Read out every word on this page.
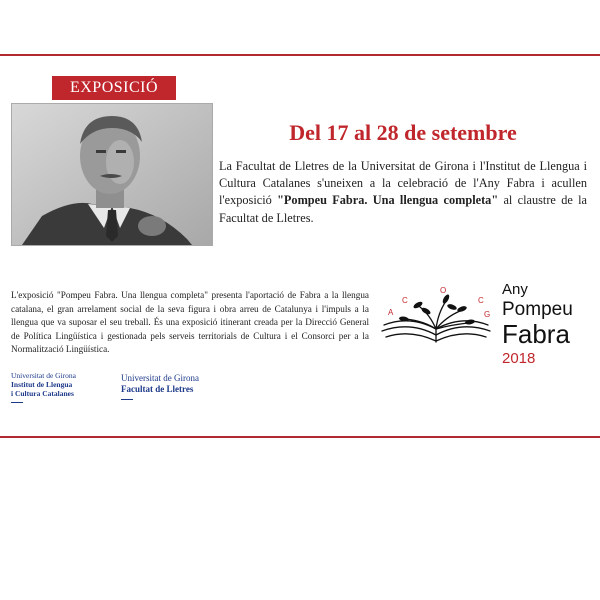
EXPOSICIÓ
Del 17 al 28 de setembre
La Facultat de Lletres de la Universitat de Girona i l'Institut de Llengua i Cultura Catalanes s'uneixen a la celebració de l'Any Fabra i acullen l'exposició "Pompeu Fabra. Una llengua completa" al claustre de la Facultat de Lletres.
L'exposició "Pompeu Fabra. Una llengua completa" presenta l'aportació de Fabra a la llengua catalana, el gran arrelament social de la seva figura i obra arreu de Catalunya i l'impuls a la llengua que va suposar el seu treball. És una exposició itinerant creada per la Direcció General de Política Lingüística i gestionada pels serveis territorials de Cultura i el Consorci per a la Normalització Lingüística.
Universitat de Girona
Institut de Llengua
i Cultura Catalanes
Universitat de Girona
Facultat de Lletres
A
C
O
C
G
Any
Pompeu
Fabra
2018
